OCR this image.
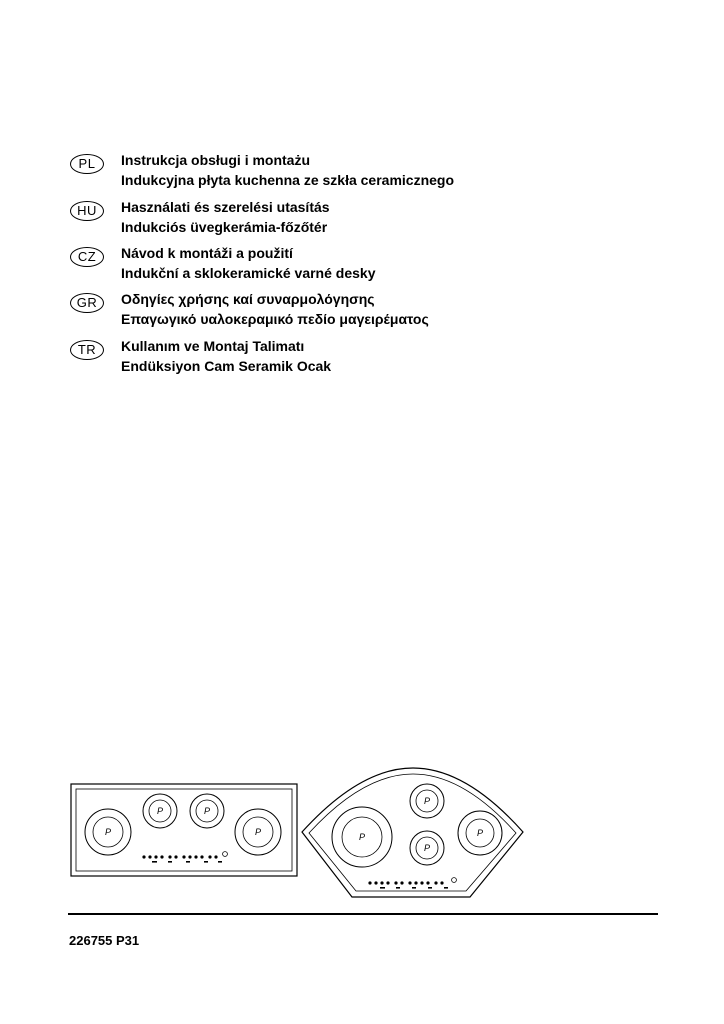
PL	Instrukcja obsługi i montażu
Indukcyjna płyta kuchenna ze szkła ceramicznego
HU	Használati és szerelési utasítás
Indukciós üvegkerámia-főzőtér
CZ	Návod k montáži a použití
Indukční a sklokeramické varné desky
GR	Οδηγίες χρήσης καί συναρμολόγησης
Επαγωγικό υαλοκεραμικό πεδίο μαγειρέματος
TR	Kullanım ve Montaj Talimatı
Endüksiyon Cam Seramik Ocak
P
P	P
P	P
P
P
P
226755 P31
